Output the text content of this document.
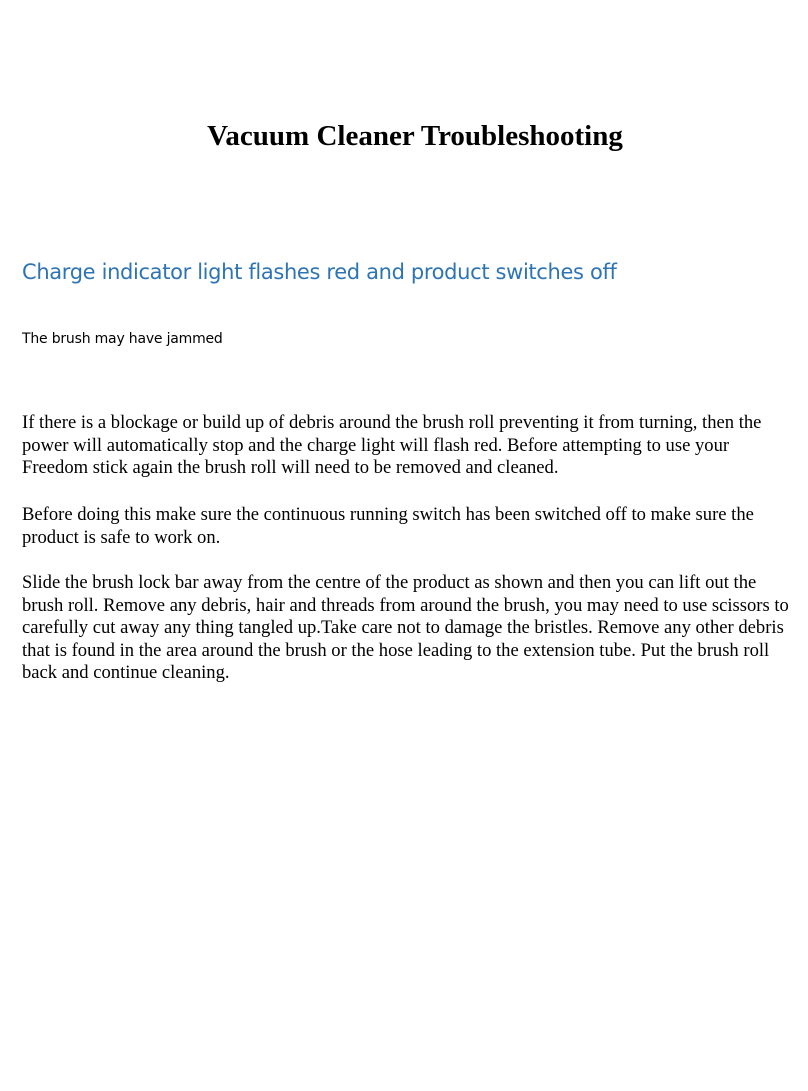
Vacuum Cleaner Troubleshooting
Charge indicator light flashes red and product switches off

The brush may have jammed

If there is a blockage or build up of debris around the brush roll preventing it from turning, then the power will automatically stop and the charge light will flash red. Before attempting to use your Freedom stick again the brush roll will need to be removed and cleaned.

Before doing this make sure the continuous running switch has been switched off to make sure the product is safe to work on.

Slide the brush lock bar away from the centre of the product as shown and then you can lift out the brush roll. Remove any debris, hair and threads from around the brush, you may need to use scissors to carefully cut away any thing tangled up.Take care not to damage the bristles. Remove any other debris that is found in the area around the brush or the hose leading to the extension tube. Put the brush roll back and continue cleaning.
